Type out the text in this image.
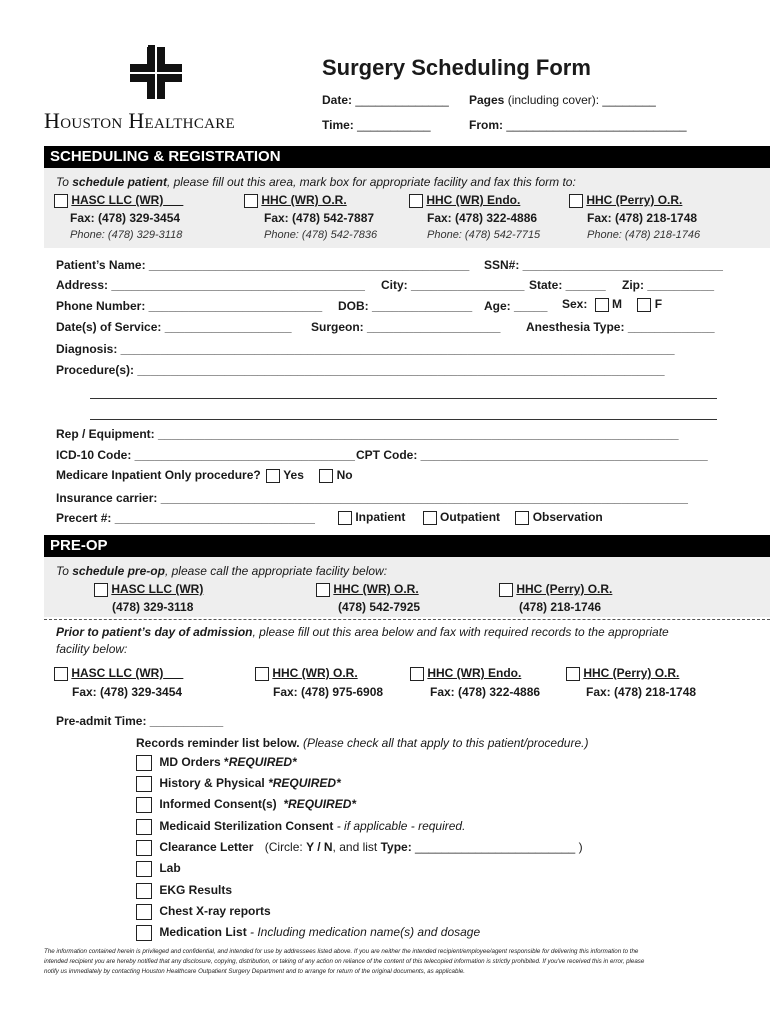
Houston Healthcare
Surgery Scheduling Form
Date: ______________ Pages (including cover): ________
Time: ___________	From: ___________________________
SCHEDULING & REGISTRATION
To schedule patient, please fill out this area, mark box for appropriate facility and fax this form to:
HASC LLC (WR)
Fax: (478) 329-3454
Phone: (478) 329-3118
HHC (WR) O.R.
Fax: (478) 542-7887
Phone: (478) 542-7836
HHC (WR) Endo.
Fax: (478) 322-4886
Phone: (478) 542-7715
HHC (Perry) O.R.
Fax: (478) 218-1748
Phone: (478) 218-1746
Patient’s Name: ________________________________________________ SSN#: ______________________________
Address: ______________________________________ City: _________________ State: ______ Zip: __________
Phone Number: __________________________ DOB: _______________ Age: _____ Sex: M	F
Date(s) of Service: ___________________ Surgeon: ____________________ Anesthesia Type: _____________
Diagnosis: ___________________________________________________________________________________
Procedure(s): _______________________________________________________________________________
Rep / Equipment: ______________________________________________________________________________
ICD-10 Code: _________________________________ CPT Code: ___________________________________________
Medicare Inpatient Only procedure? Yes	No
Insurance carrier: _______________________________________________________________________________
Precert #: ______________________________	Inpatient	Outpatient	Observation
PRE-OP
To schedule pre-op, please call the appropriate facility below:
HASC LLC (WR)
(478) 329-3118
HHC (WR) O.R.
(478) 542-7925
HHC (Perry) O.R.
(478) 218-1746
Prior to patient’s day of admission, please fill out this area below and fax with required records to the appropriate
facility below:
HASC LLC (WR)
Fax: (478) 329-3454
HHC (WR) O.R.
Fax: (478) 975-6908
HHC (WR) Endo.
Fax: (478) 322-4886
HHC (Perry) O.R.
Fax: (478) 218-1748
Pre-admit Time: ___________
Records reminder list below. (Please check all that apply to this patient/procedure.)
MD Orders *REQUIRED*
History & Physical *REQUIRED*
Informed Consent(s)  *REQUIRED*
Medicaid Sterilization Consent - if applicable - required.
Clearance Letter (Circle: Y / N, and list Type: ________________________ )
Lab
EKG Results
Chest X-ray reports
Medication List - Including medication name(s) and dosage
The information contained herein is privileged and confidential, and intended for use by addressees listed above. If you are neither the intended recipient/employee/agent responsible for delivering this information to the
intended recipient you are hereby notified that any disclosure, copying, distribution, or taking of any action on reliance of the content of this telecopied information is strictly prohibited. If you've received this in error, please
notify us immediately by contacting Houston Healthcare Outpatient Surgery Department and to arrange for return of the original documents, as applicable.
